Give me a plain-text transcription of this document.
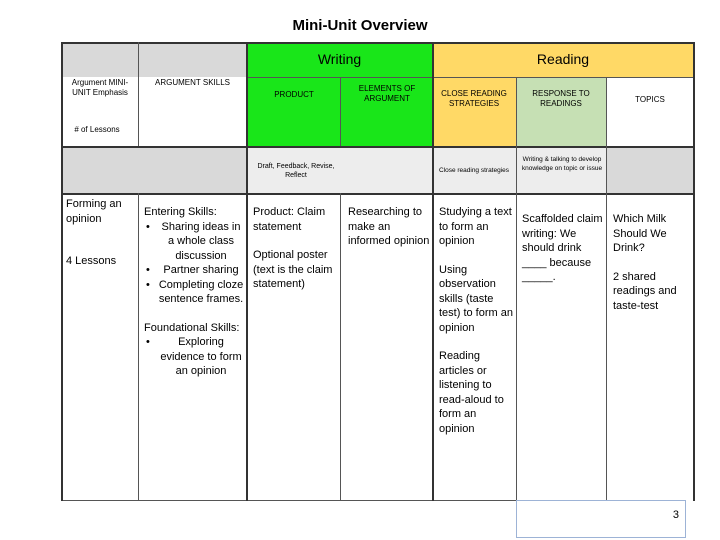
Mini-Unit Overview
Writing	Reading
Argument MINI-UNIT Emphasis
ARGUMENT SKILLS
PRODUCT
ELEMENTS OF ARGUMENT
CLOSE READING STRATEGIES
RESPONSE TO READINGS	TOPICS
# of Lessons
Draft, Feedback, Revise, Reflect
Close reading strategies
Writing & talking to develop knowledge on topic or issue

Forming an opinion

4 Lessons

Entering Skills:

• Sharing ideas in a whole class discussion
• Partner sharing
• Completing cloze sentence frames.

Foundational Skills:

• Exploring evidence to form an opinion

Product: Claim statement

Optional poster (text is the claim statement)

Researching to make an informed opinion

Studying a text to form an opinion

Using observation skills (taste test) to form an opinion

Reading articles or listening to read-aloud to form an opinion

Scaffolded claim writing: We should drink ____ because _____.

Which Milk Should We Drink?

2 shared readings and taste-test

3
